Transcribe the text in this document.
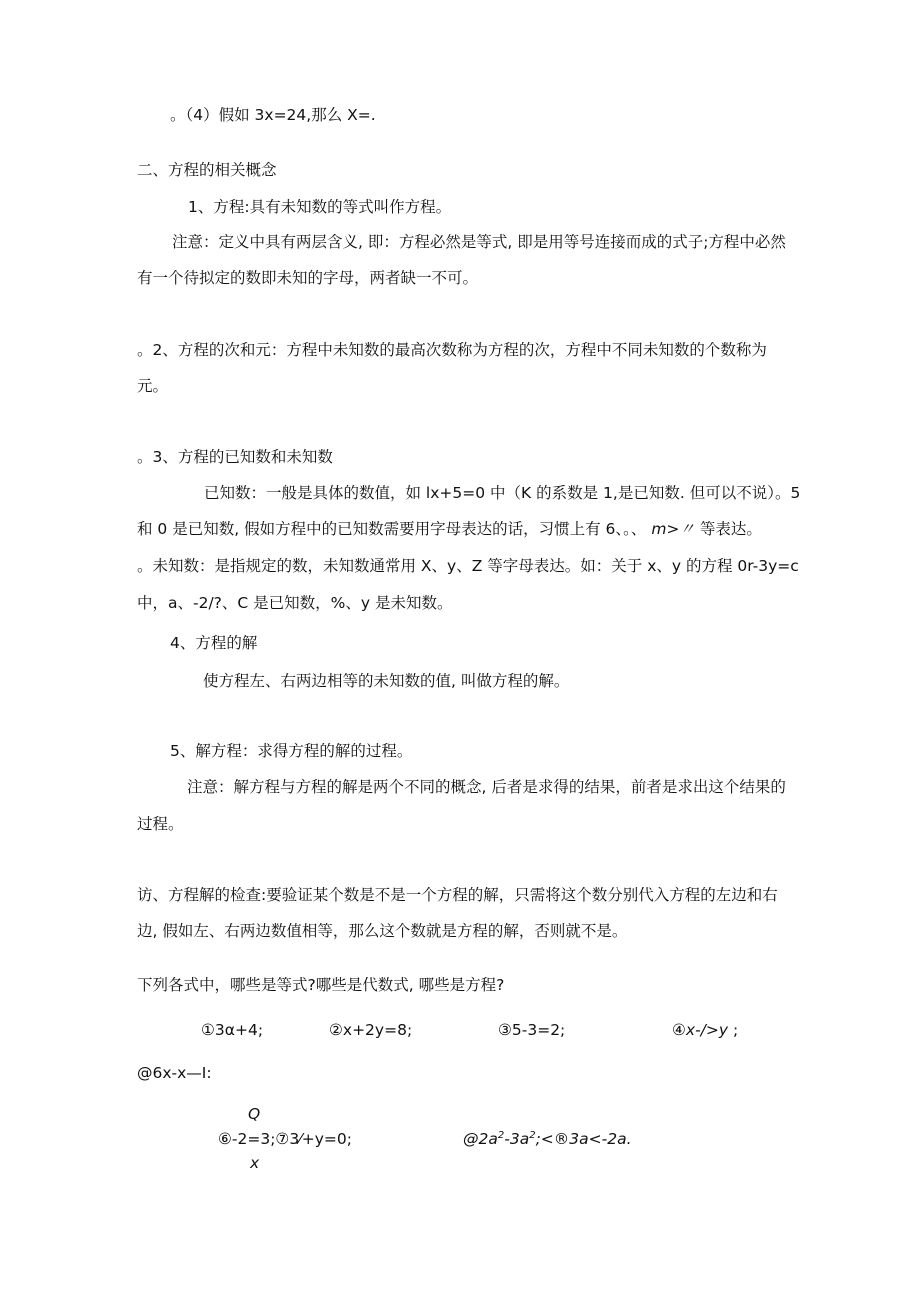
。（4）假如 3x=24,那么 X=.
二、方程的相关概念
1、方程:具有未知数的等式叫作方程。
注意：定义中具有两层含义, 即：方程必然是等式, 即是用等号连接而成的式子;方程中必然
有一个待拟定的数即未知的字母，两者缺一不可。
。2、方程的次和元：方程中未知数的最高次数称为方程的次，方程中不同未知数的个数称为
元。
。3、方程的已知数和未知数
已知数：一般是具体的数值，如 lx+5=0 中（K 的系数是 1,是已知数. 但可以不说）。5
和 0 是已知数, 假如方程中的已知数需要用字母表达的话，习惯上有 6、。、 m>〃 等表达。
。未知数：是指规定的数，未知数通常用 X、y、Z 等字母表达。如：关于 x、y 的方程 0r-3y=c
中，a、-2/?、C 是已知数，%、y 是未知数。
4、方程的解
使方程左、右两边相等的未知数的值, 叫做方程的解。
5、解方程：求得方程的解的过程。
注意：解方程与方程的解是两个不同的概念, 后者是求得的结果，前者是求出这个结果的
过程。
访、方程解的检查:要验证某个数是不是一个方程的解，只需将这个数分别代入方程的左边和右
边, 假如左、右两边数值相等，那么这个数就是方程的解，否则就不是。
下列各式中，哪些是等式?哪些是代数式, 哪些是方程?
①3α+4;	②x+2y=8;	③5-3=2;	④x-/>y ;
@6x-x—I:
Q
⑥-2=3;⑦3⁄+y=0;
x
$@2a^2-3a^2;<®3a<-2a$.
